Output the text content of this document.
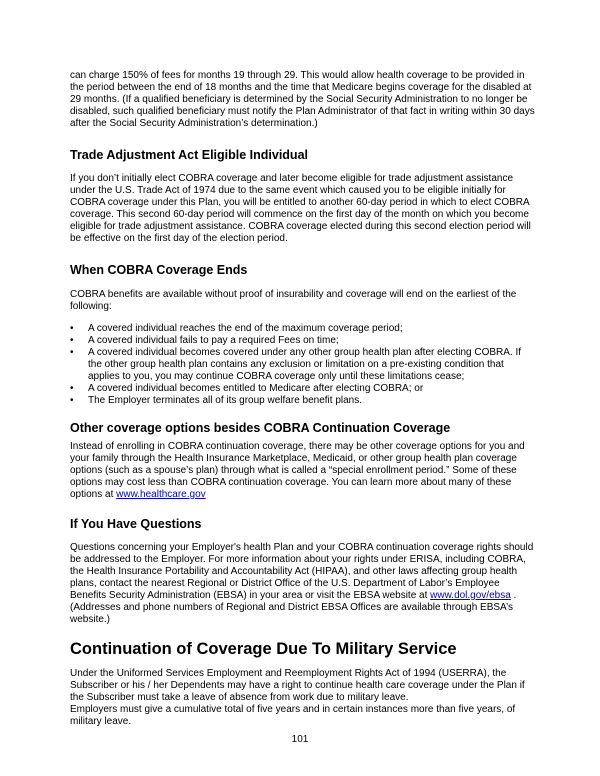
can charge 150% of fees for months 19 through 29. This would allow health coverage to be provided in the period between the end of 18 months and the time that Medicare begins coverage for the disabled at 29 months. (If a qualified beneficiary is determined by the Social Security Administration to no longer be disabled, such qualified beneficiary must notify the Plan Administrator of that fact in writing within 30 days after the Social Security Administration’s determination.)

Trade Adjustment Act Eligible Individual

If you don’t initially elect COBRA coverage and later become eligible for trade adjustment assistance under the U.S. Trade Act of 1974 due to the same event which caused you to be eligible initially for COBRA coverage under this Plan, you will be entitled to another 60-day period in which to elect COBRA coverage. This second 60-day period will commence on the first day of the month on which you become eligible for trade adjustment assistance. COBRA coverage elected during this second election period will be effective on the first day of the election period.

When COBRA Coverage Ends

COBRA benefits are available without proof of insurability and coverage will end on the earliest of the following:

• A covered individual reaches the end of the maximum coverage period;
• A covered individual fails to pay a required Fees on time;
• A covered individual becomes covered under any other group health plan after electing COBRA. If the other group health plan contains any exclusion or limitation on a pre-existing condition that applies to you, you may continue COBRA coverage only until these limitations cease;
• A covered individual becomes entitled to Medicare after electing COBRA; or
• The Employer terminates all of its group welfare benefit plans.
Other coverage options besides COBRA Continuation Coverage

Instead of enrolling in COBRA continuation coverage, there may be other coverage options for you and your family through the Health Insurance Marketplace, Medicaid, or other group health plan coverage options (such as a spouse’s plan) through what is called a “special enrollment period.” Some of these options may cost less than COBRA continuation coverage. You can learn more about many of these options at www.healthcare.gov

If You Have Questions

Questions concerning your Employer's health Plan and your COBRA continuation coverage rights should be addressed to the Employer. For more information about your rights under ERISA, including COBRA, the Health Insurance Portability and Accountability Act (HIPAA), and other laws affecting group health plans, contact the nearest Regional or District Office of the U.S. Department of Labor’s Employee Benefits Security Administration (EBSA) in your area or visit the EBSA website at www.dol.gov/ebsa . (Addresses and phone numbers of Regional and District EBSA Offices are available through EBSA’s website.)

Continuation of Coverage Due To Military Service

Under the Uniformed Services Employment and Reemployment Rights Act of 1994 (USERRA), the Subscriber or his / her Dependents may have a right to continue health care coverage under the Plan if the Subscriber must take a leave of absence from work due to military leave.

Employers must give a cumulative total of five years and in certain instances more than five years, of military leave.

101
